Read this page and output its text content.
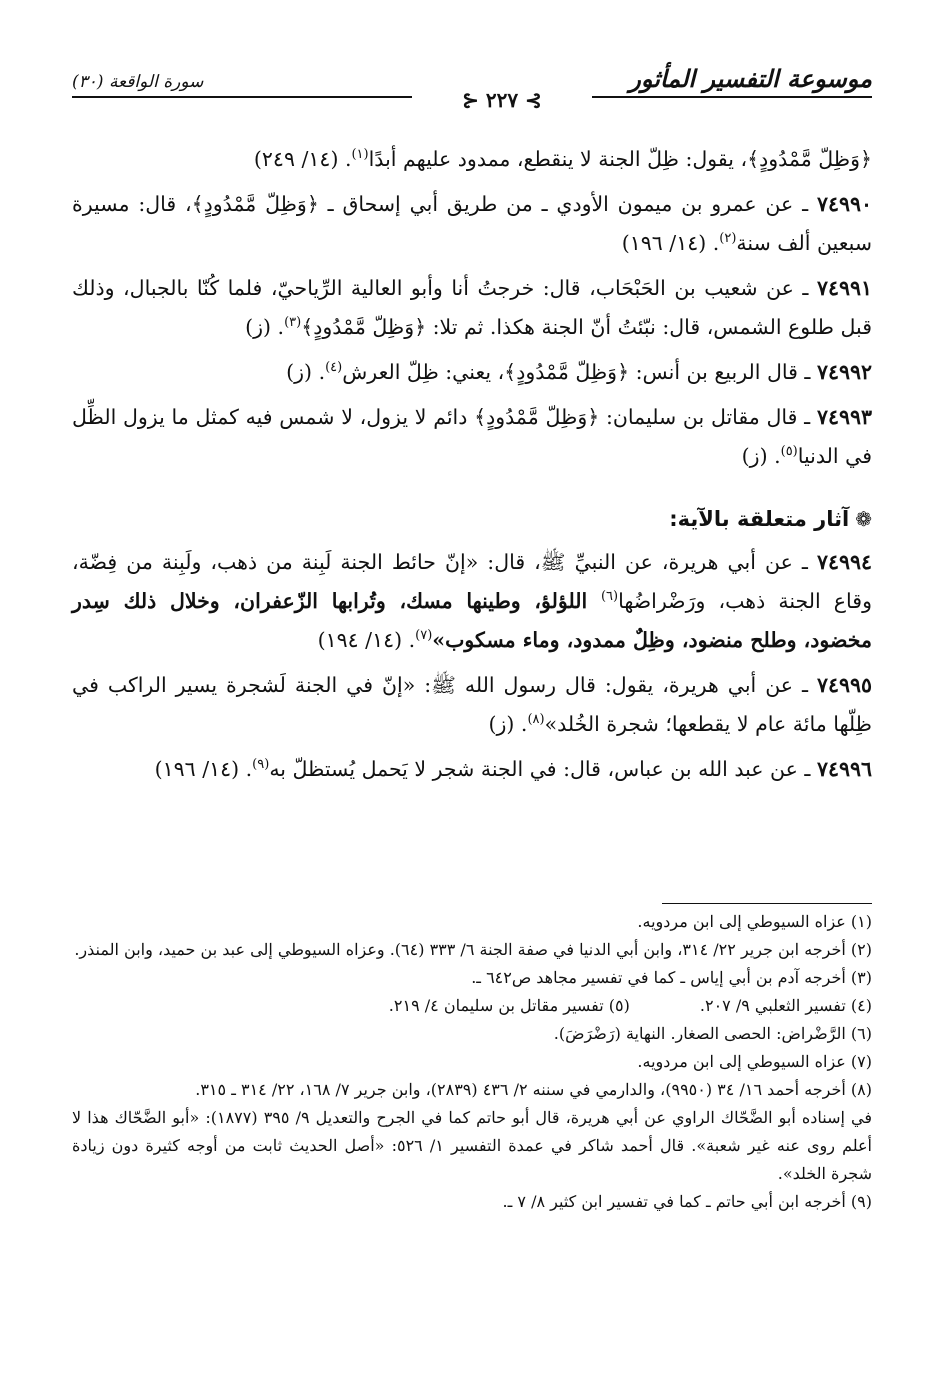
موسوعة التفسير المأثور
سورة الواقعة (٣٠)
⊱ ٢٢٧ ⊰

﴿وَظِلّ مَّمْدُودٍ﴾، يقول: ظِلّ الجنة لا ينقطع، ممدود عليهم أبدًا$^{(١)}$. (١٤/ ٢٤٩)

٧٤٩٩٠ ـ عن عمرو بن ميمون الأودي ـ من طريق أبي إسحاق ـ ﴿وَظِلّ مَّمْدُودٍ﴾، قال: مسيرة سبعين ألف سنة$^{(٢)}$. (١٤/ ١٩٦)

٧٤٩٩١ ـ عن شعيب بن الحَبْحَاب، قال: خرجتُ أنا وأبو العالية الرِّياحيّ، فلما كُنّا بالجبال، وذلك قبل طلوع الشمس، قال: نبّئتُ أنّ الجنة هكذا. ثم تلا: ﴿وَظِلّ مَّمْدُودٍ﴾$^{(٣)}$. (ز)

٧٤٩٩٢ ـ قال الربيع بن أنس: ﴿وَظِلّ مَّمْدُودٍ﴾، يعني: ظِلّ العرش$^{(٤)}$. (ز)

٧٤٩٩٣ ـ قال مقاتل بن سليمان: ﴿وَظِلّ مَّمْدُودٍ﴾ دائم لا يزول، لا شمس فيه كمثل ما يزول الظِّل في الدنيا$^{(٥)}$. (ز)

❁آثار متعلقة بالآية:

٧٤٩٩٤ ـ عن أبي هريرة، عن النبيِّ ﷺ، قال: «إنّ حائط الجنة لَبِنة من ذهب، ولَبِنة من فِضّة، وقاع الجنة ذهب، ورَضْراضُها$^{(٦)}$ اللؤلؤ، وطينها مسك، وتُرابها الزّعفران، وخلال ذلك سِدر مخضود، وطلح منضود، وظِلٌ ممدود، وماء مسكوب»$^{(٧)}$. (١٤/ ١٩٤)

٧٤٩٩٥ ـ عن أبي هريرة، يقول: قال رسول الله ﷺ: «إنّ في الجنة لَشجرة يسير الراكب في ظِلّها مائة عام لا يقطعها؛ شجرة الخُلد»$^{(٨)}$. (ز)

٧٤٩٩٦ ـ عن عبد الله بن عباس، قال: في الجنة شجر لا يَحمل يُستظلّ به$^{(٩)}$. (١٤/ ١٩٦)

(١) عزاه السيوطي إلى ابن مردويه.

(٢) أخرجه ابن جرير ٢٢/ ٣١٤، وابن أبي الدنيا في صفة الجنة ٦/ ٣٣٣ (٦٤). وعزاه السيوطي إلى عبد بن حميد، وابن المنذر.

(٣) أخرجه آدم بن أبي إياس ـ كما في تفسير مجاهد ص٦٤٢ ـ.

(٤) تفسير الثعلبي ٩/ ٢٠٧.

(٥) تفسير مقاتل بن سليمان ٤/ ٢١٩.

(٦) الرَّضْراض: الحصى الصغار. النهاية (رَضْرَضَ).

(٧) عزاه السيوطي إلى ابن مردويه.

(٨) أخرجه أحمد ١٦/ ٣٤ (٩٩٥٠)، والدارمي في سننه ٢/ ٤٣٦ (٢٨٣٩)، وابن جرير ٧/ ١٦٨، ٢٢/ ٣١٤ ـ ٣١٥.

في إسناده أبو الضَّحّاك الراوي عن أبي هريرة، قال أبو حاتم كما في الجرح والتعديل ٩/ ٣٩٥ (١٨٧٧): «أبو الضَّحّاك هذا لا أعلم روى عنه غير شعبة». قال أحمد شاكر في عمدة التفسير ١/ ٥٢٦: «أصل الحديث ثابت من أوجه كثيرة دون زيادة شجرة الخلد».

(٩) أخرجه ابن أبي حاتم ـ كما في تفسير ابن كثير ٨/ ٧ ـ.
